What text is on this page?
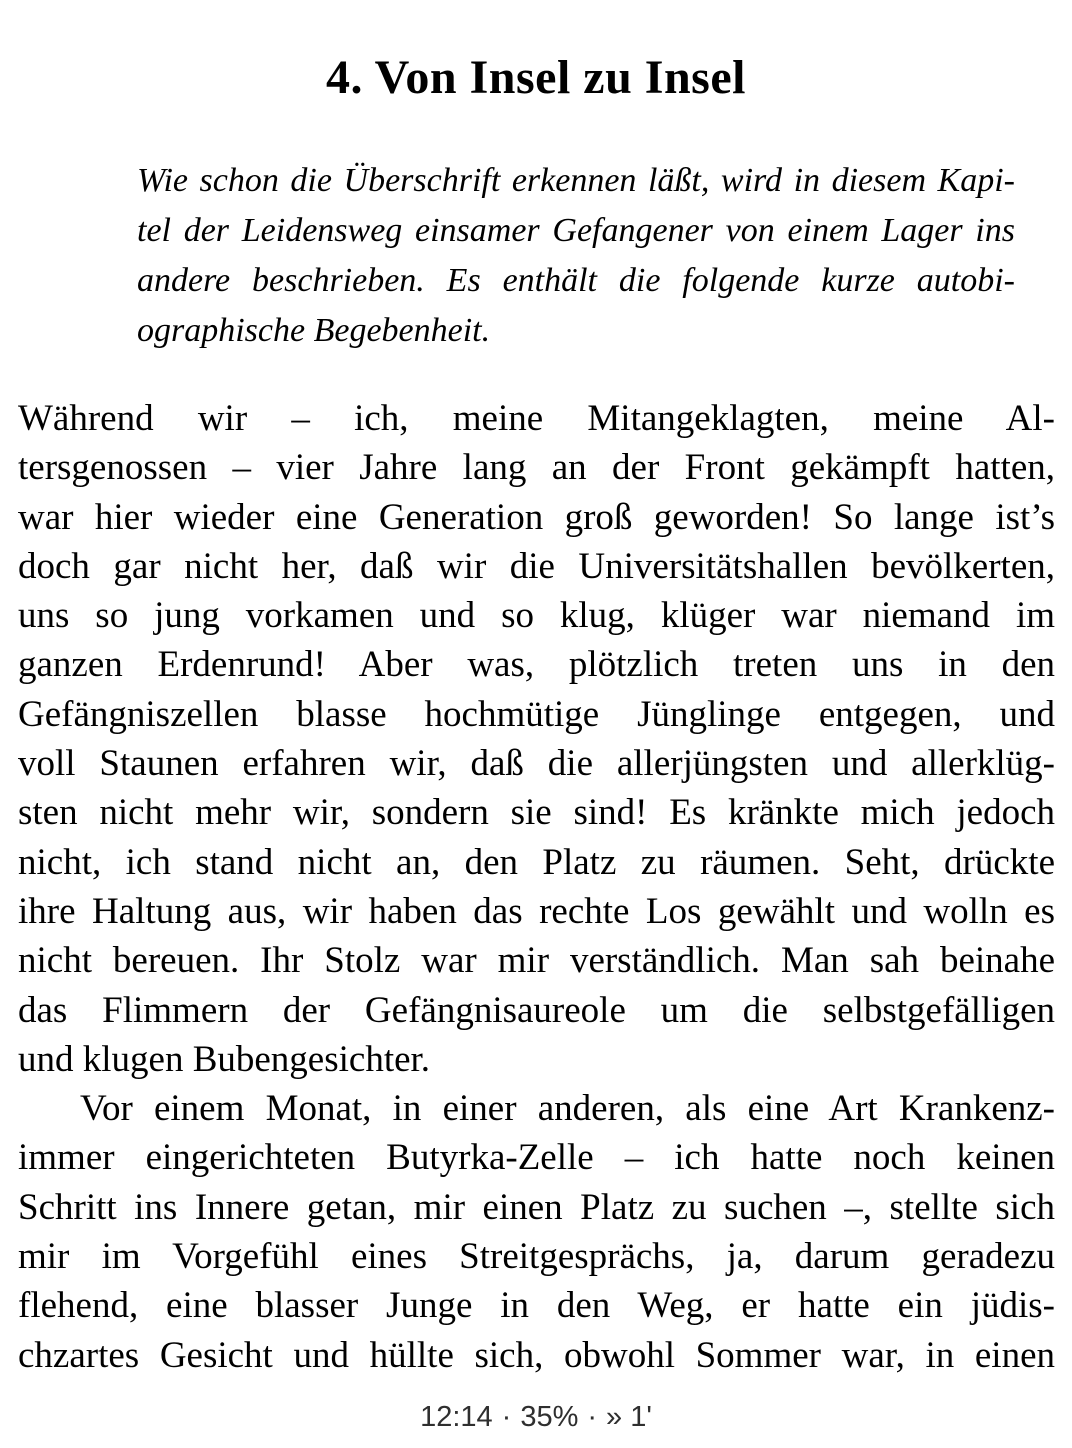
4. Von Insel zu Insel
Wie schon die Überschrift erkennen läßt, wird in diesem Kapi-
tel der Leidensweg einsamer Gefangener von einem Lager ins
andere beschrieben. Es enthält die folgende kurze autobi-
ographische Begebenheit.
Während wir – ich, meine Mitangeklagten, meine Al-
tersgenossen – vier Jahre lang an der Front gekämpft hatten,
war hier wieder eine Generation groß geworden! So lange ist’s
doch gar nicht her, daß wir die Universitätshallen bevölkerten,
uns so jung vorkamen und so klug, klüger war niemand im
ganzen Erdenrund! Aber was, plötzlich treten uns in den
Gefängniszellen blasse hochmütige Jünglinge entgegen, und
voll Staunen erfahren wir, daß die allerjüngsten und allerklüg-
sten nicht mehr wir, sondern sie sind! Es kränkte mich jedoch
nicht, ich stand nicht an, den Platz zu räumen. Seht, drückte
ihre Haltung aus, wir haben das rechte Los gewählt und wolln es
nicht bereuen. Ihr Stolz war mir verständlich. Man sah beinahe
das Flimmern der Gefängnisaureole um die selbstgefälligen
und klugen Bubengesichter.
Vor einem Monat, in einer anderen, als eine Art Krankenz-
immer eingerichteten Butyrka-Zelle – ich hatte noch keinen
Schritt ins Innere getan, mir einen Platz zu suchen –, stellte sich
mir im Vorgefühl eines Streitgesprächs, ja, darum geradezu
flehend, eine blasser Junge in den Weg, er hatte ein jüdis-
chzartes Gesicht und hüllte sich, obwohl Sommer war, in einen
12:14 · 35% · » 1'
